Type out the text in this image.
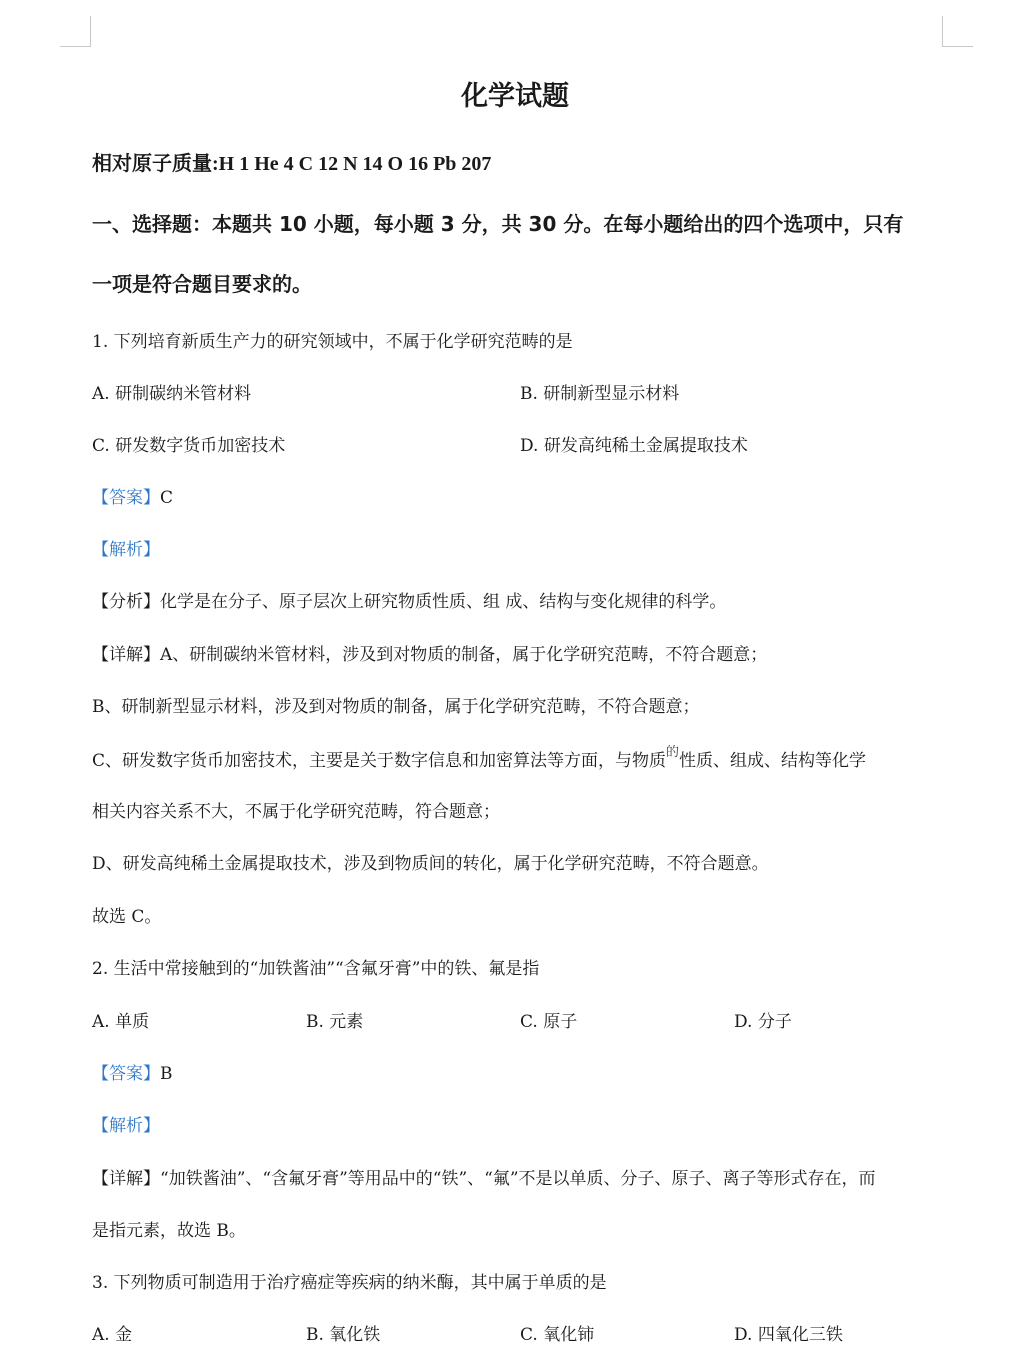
化学试题
相对原子质量:H 1 He 4 C 12 N 14 O 16 Pb 207
一、选择题：本题共 10 小题，每小题 3 分，共 30 分。在每小题给出的四个选项中，只有
一项是符合题目要求的。
1. 下列培育新质生产力的研究领域中，不属于化学研究范畴的是
A. 研制碳纳米管材料	B. 研制新型显示材料
C. 研发数字货币加密技术	D. 研发高纯稀土金属提取技术
【答案】C
【解析】
【分析】化学是在分子、原子层次上研究物质性质、组 成、结构与变化规律的科学。
【详解】A、研制碳纳米管材料，涉及到对物质的制备，属于化学研究范畴，不符合题意；
B、研制新型显示材料，涉及到对物质的制备，属于化学研究范畴，不符合题意；
C、研发数字货币加密技术，主要是关于数字信息和加密算法等方面，与物质$^的$性质、组成、结构等化学
相关内容关系不大，不属于化学研究范畴，符合题意；
D、研发高纯稀土金属提取技术，涉及到物质间的转化，属于化学研究范畴，不符合题意。
故选 C。
2. 生活中常接触到的“加铁酱油”“含氟牙膏”中的铁、氟是指
A. 单质	B. 元素	C. 原子	D. 分子
【答案】B
【解析】
【详解】“加铁酱油”、“含氟牙膏”等用品中的“铁”、“氟”不是以单质、分子、原子、离子等形式存在，而
是指元素，故选 B。
3. 下列物质可制造用于治疗癌症等疾病的纳米酶，其中属于单质的是
A. 金	B. 氧化铁	C. 氧化铈	D. 四氧化三铁
